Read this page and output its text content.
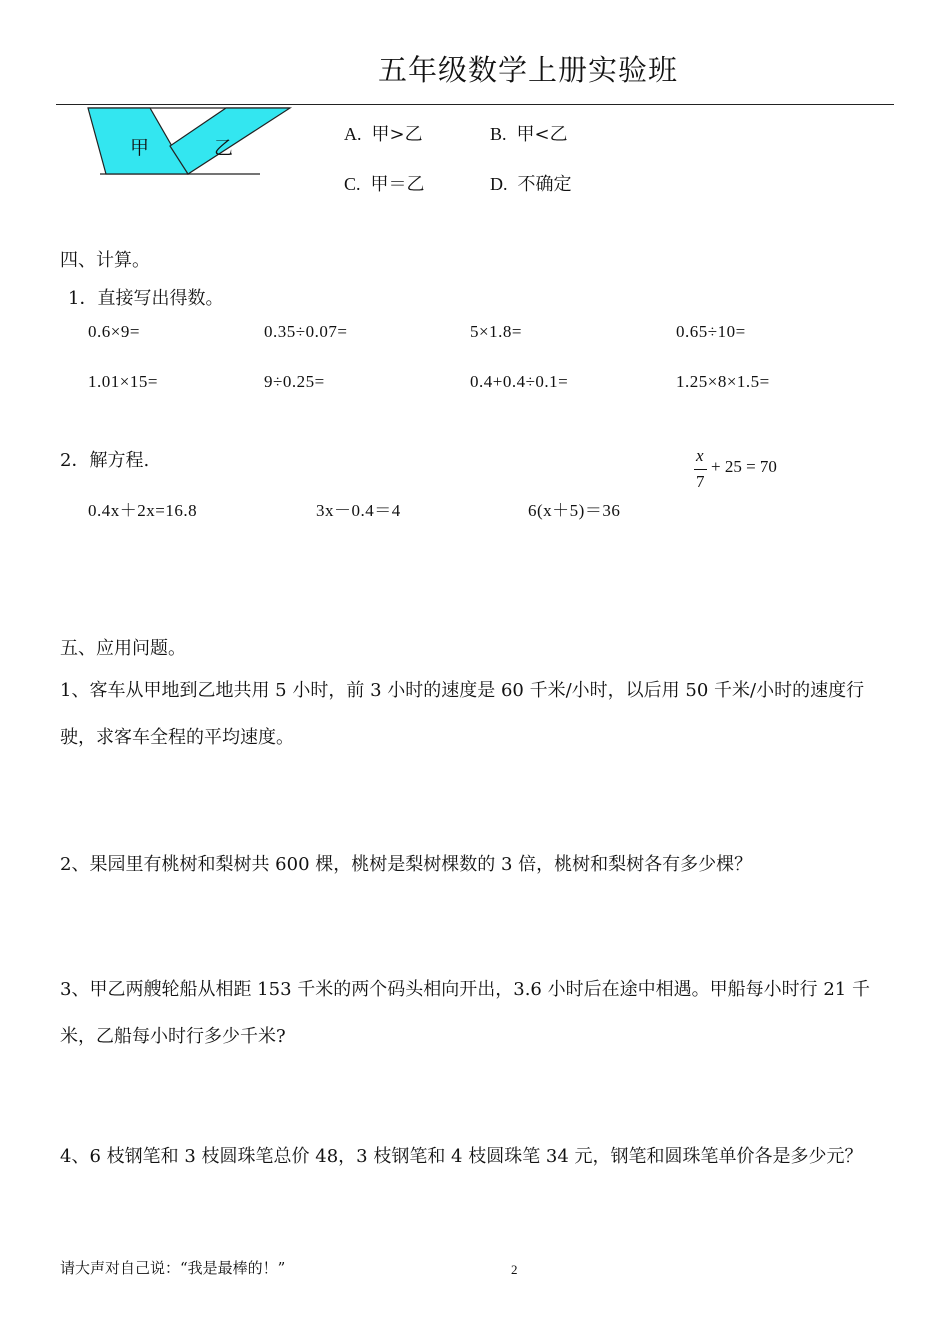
五年级数学上册实验班
甲	乙
A. 甲>乙	B. 甲<乙
C. 甲＝乙	D. 不确定
四、计算。
1．直接写出得数。
0.6×9=	0.35÷0.07=	5×1.8=	0.65÷10=
1.01×15=	9÷0.25=	0.4+0.4÷0.1=	1.25×8×1.5=
2．解方程.	x
7
+ 25 = 70
0.4x＋2x=16.8	3x－0.4＝4	6(x＋5)＝36
五、应用问题。
1、客车从甲地到乙地共用 5 小时，前 3 小时的速度是 60 千米/小时，以后用 50 千米/小时的速度行
驶，求客车全程的平均速度。
2、果园里有桃树和梨树共 600 棵，桃树是梨树棵数的 3 倍，桃树和梨树各有多少棵？
3、甲乙两艘轮船从相距 153 千米的两个码头相向开出，3.6 小时后在途中相遇。甲船每小时行 21 千
米，乙船每小时行多少千米?
4、6 枝钢笔和 3 枝圆珠笔总价 48，3 枝钢笔和 4 枝圆珠笔 34 元，钢笔和圆珠笔单价各是多少元？
请大声对自己说：“我是最棒的！”	2
